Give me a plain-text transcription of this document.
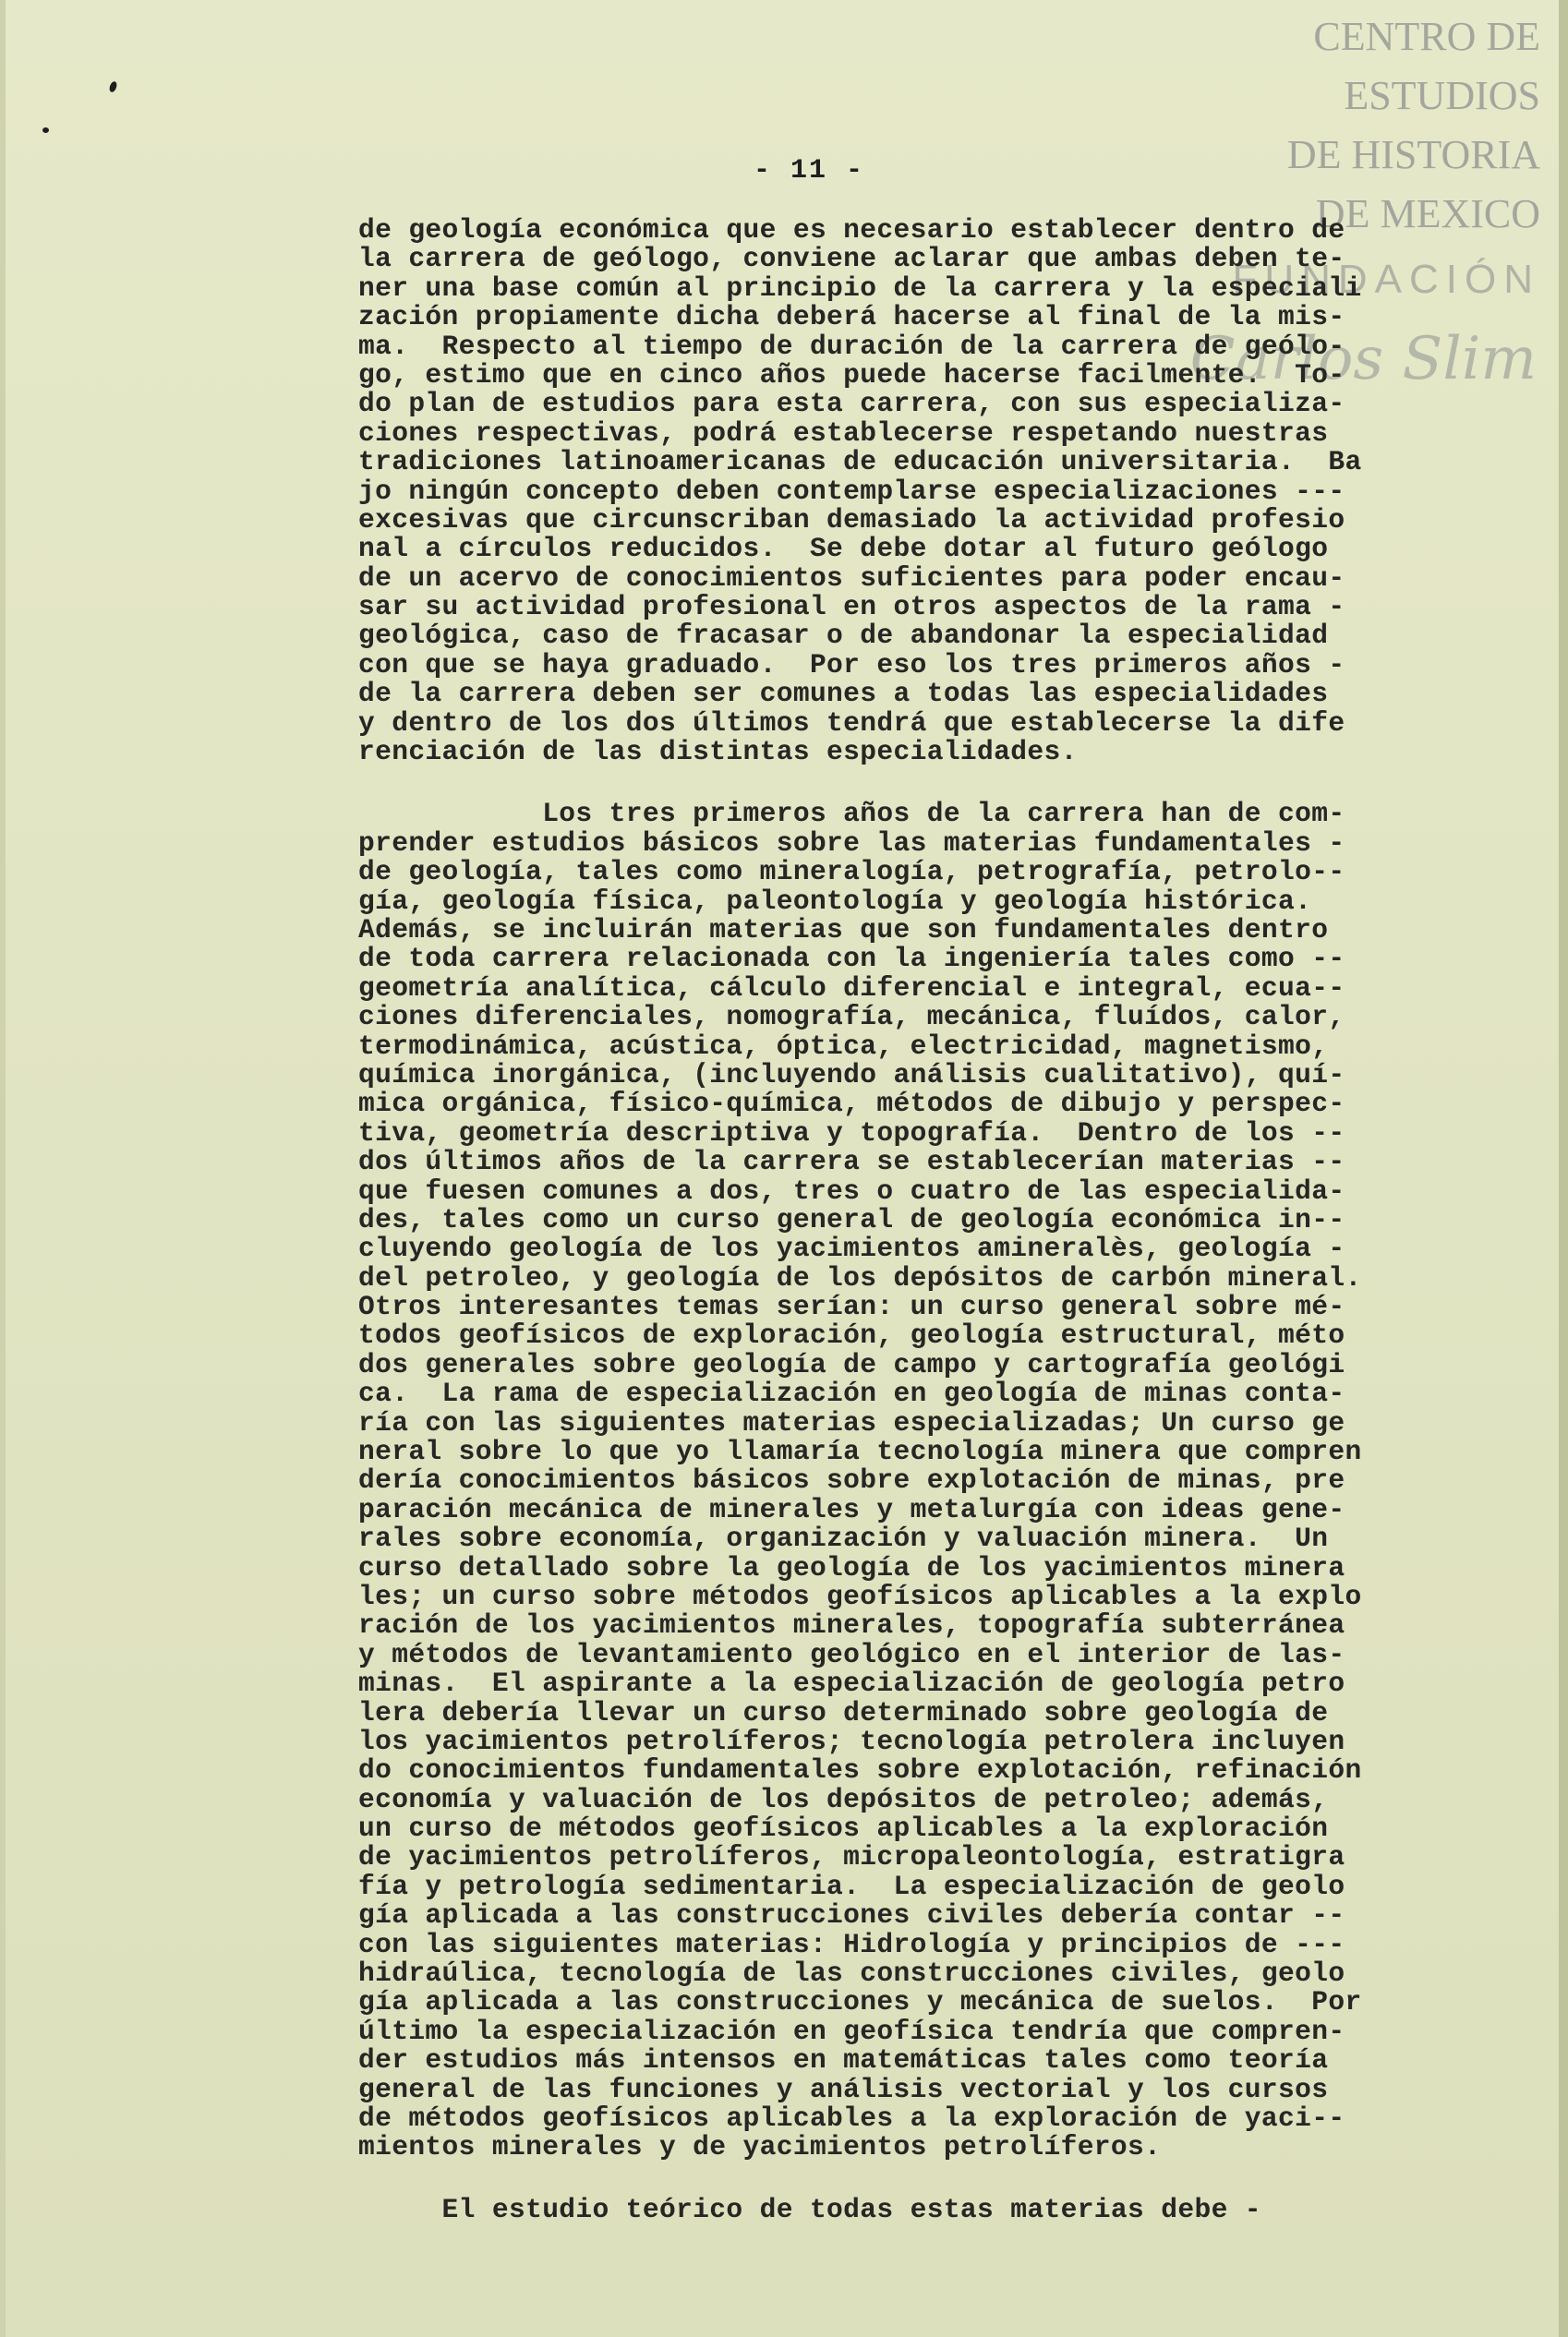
CENTRO DE
ESTUDIOS
DE HISTORIA
DE MEXICO
FUNDACIÓN
Carlos Slim
- 11 -
de geología económica que es necesario establecer dentro de
la carrera de geólogo, conviene aclarar que ambas deben te-
ner una base común al principio de la carrera y la especiali
zación propiamente dicha deberá hacerse al final de la mis-
ma.  Respecto al tiempo de duración de la carrera de geólo-
go, estimo que en cinco años puede hacerse facilmente.  To-
do plan de estudios para esta carrera, con sus especializa-
ciones respectivas, podrá establecerse respetando nuestras
tradiciones latinoamericanas de educación universitaria.  Ba
jo ningún concepto deben contemplarse especializaciones ---
excesivas que circunscriban demasiado la actividad profesio
nal a círculos reducidos.  Se debe dotar al futuro geólogo
de un acervo de conocimientos suficientes para poder encau-
sar su actividad profesional en otros aspectos de la rama -
geológica, caso de fracasar o de abandonar la especialidad
con que se haya graduado.  Por eso los tres primeros años -
de la carrera deben ser comunes a todas las especialidades
y dentro de los dos últimos tendrá que establecerse la dife
renciación de las distintas especialidades.
Los tres primeros años de la carrera han de com-
prender estudios básicos sobre las materias fundamentales -
de geología, tales como mineralogía, petrografía, petrolo--
gía, geología física, paleontología y geología histórica.
Además, se incluirán materias que son fundamentales dentro
de toda carrera relacionada con la ingeniería tales como --
geometría analítica, cálculo diferencial e integral, ecua--
ciones diferenciales, nomografía, mecánica, fluídos, calor,
termodinámica, acústica, óptica, electricidad, magnetismo,
química inorgánica, (incluyendo análisis cualitativo), quí-
mica orgánica, físico-química, métodos de dibujo y perspec-
tiva, geometría descriptiva y topografía.  Dentro de los --
dos últimos años de la carrera se establecerían materias --
que fuesen comunes a dos, tres o cuatro de las especialida-
des, tales como un curso general de geología económica in--
cluyendo geología de los yacimientos amineralès, geología -
del petroleo, y geología de los depósitos de carbón mineral.
Otros interesantes temas serían: un curso general sobre mé-
todos geofísicos de exploración, geología estructural, méto
dos generales sobre geología de campo y cartografía geológi
ca.  La rama de especialización en geología de minas conta-
ría con las siguientes materias especializadas; Un curso ge
neral sobre lo que yo llamaría tecnología minera que compren
dería conocimientos básicos sobre explotación de minas, pre
paración mecánica de minerales y metalurgía con ideas gene-
rales sobre economía, organización y valuación minera.  Un
curso detallado sobre la geología de los yacimientos minera
les; un curso sobre métodos geofísicos aplicables a la explo
ración de los yacimientos minerales, topografía subterránea
y métodos de levantamiento geológico en el interior de las-
minas.  El aspirante a la especialización de geología petro
lera debería llevar un curso determinado sobre geología de
los yacimientos petrolíferos; tecnología petrolera incluyen
do conocimientos fundamentales sobre explotación, refinación
economía y valuación de los depósitos de petroleo; además,
un curso de métodos geofísicos aplicables a la exploración
de yacimientos petrolíferos, micropaleontología, estratigra
fía y petrología sedimentaria.  La especialización de geolo
gía aplicada a las construcciones civiles debería contar --
con las siguientes materias: Hidrología y principios de ---
hidraúlica, tecnología de las construcciones civiles, geolo
gía aplicada a las construcciones y mecánica de suelos.  Por
último la especialización en geofísica tendría que compren-
der estudios más intensos en matemáticas tales como teoría
general de las funciones y análisis vectorial y los cursos
de métodos geofísicos aplicables a la exploración de yaci--
mientos minerales y de yacimientos petrolíferos.
El estudio teórico de todas estas materias debe -
